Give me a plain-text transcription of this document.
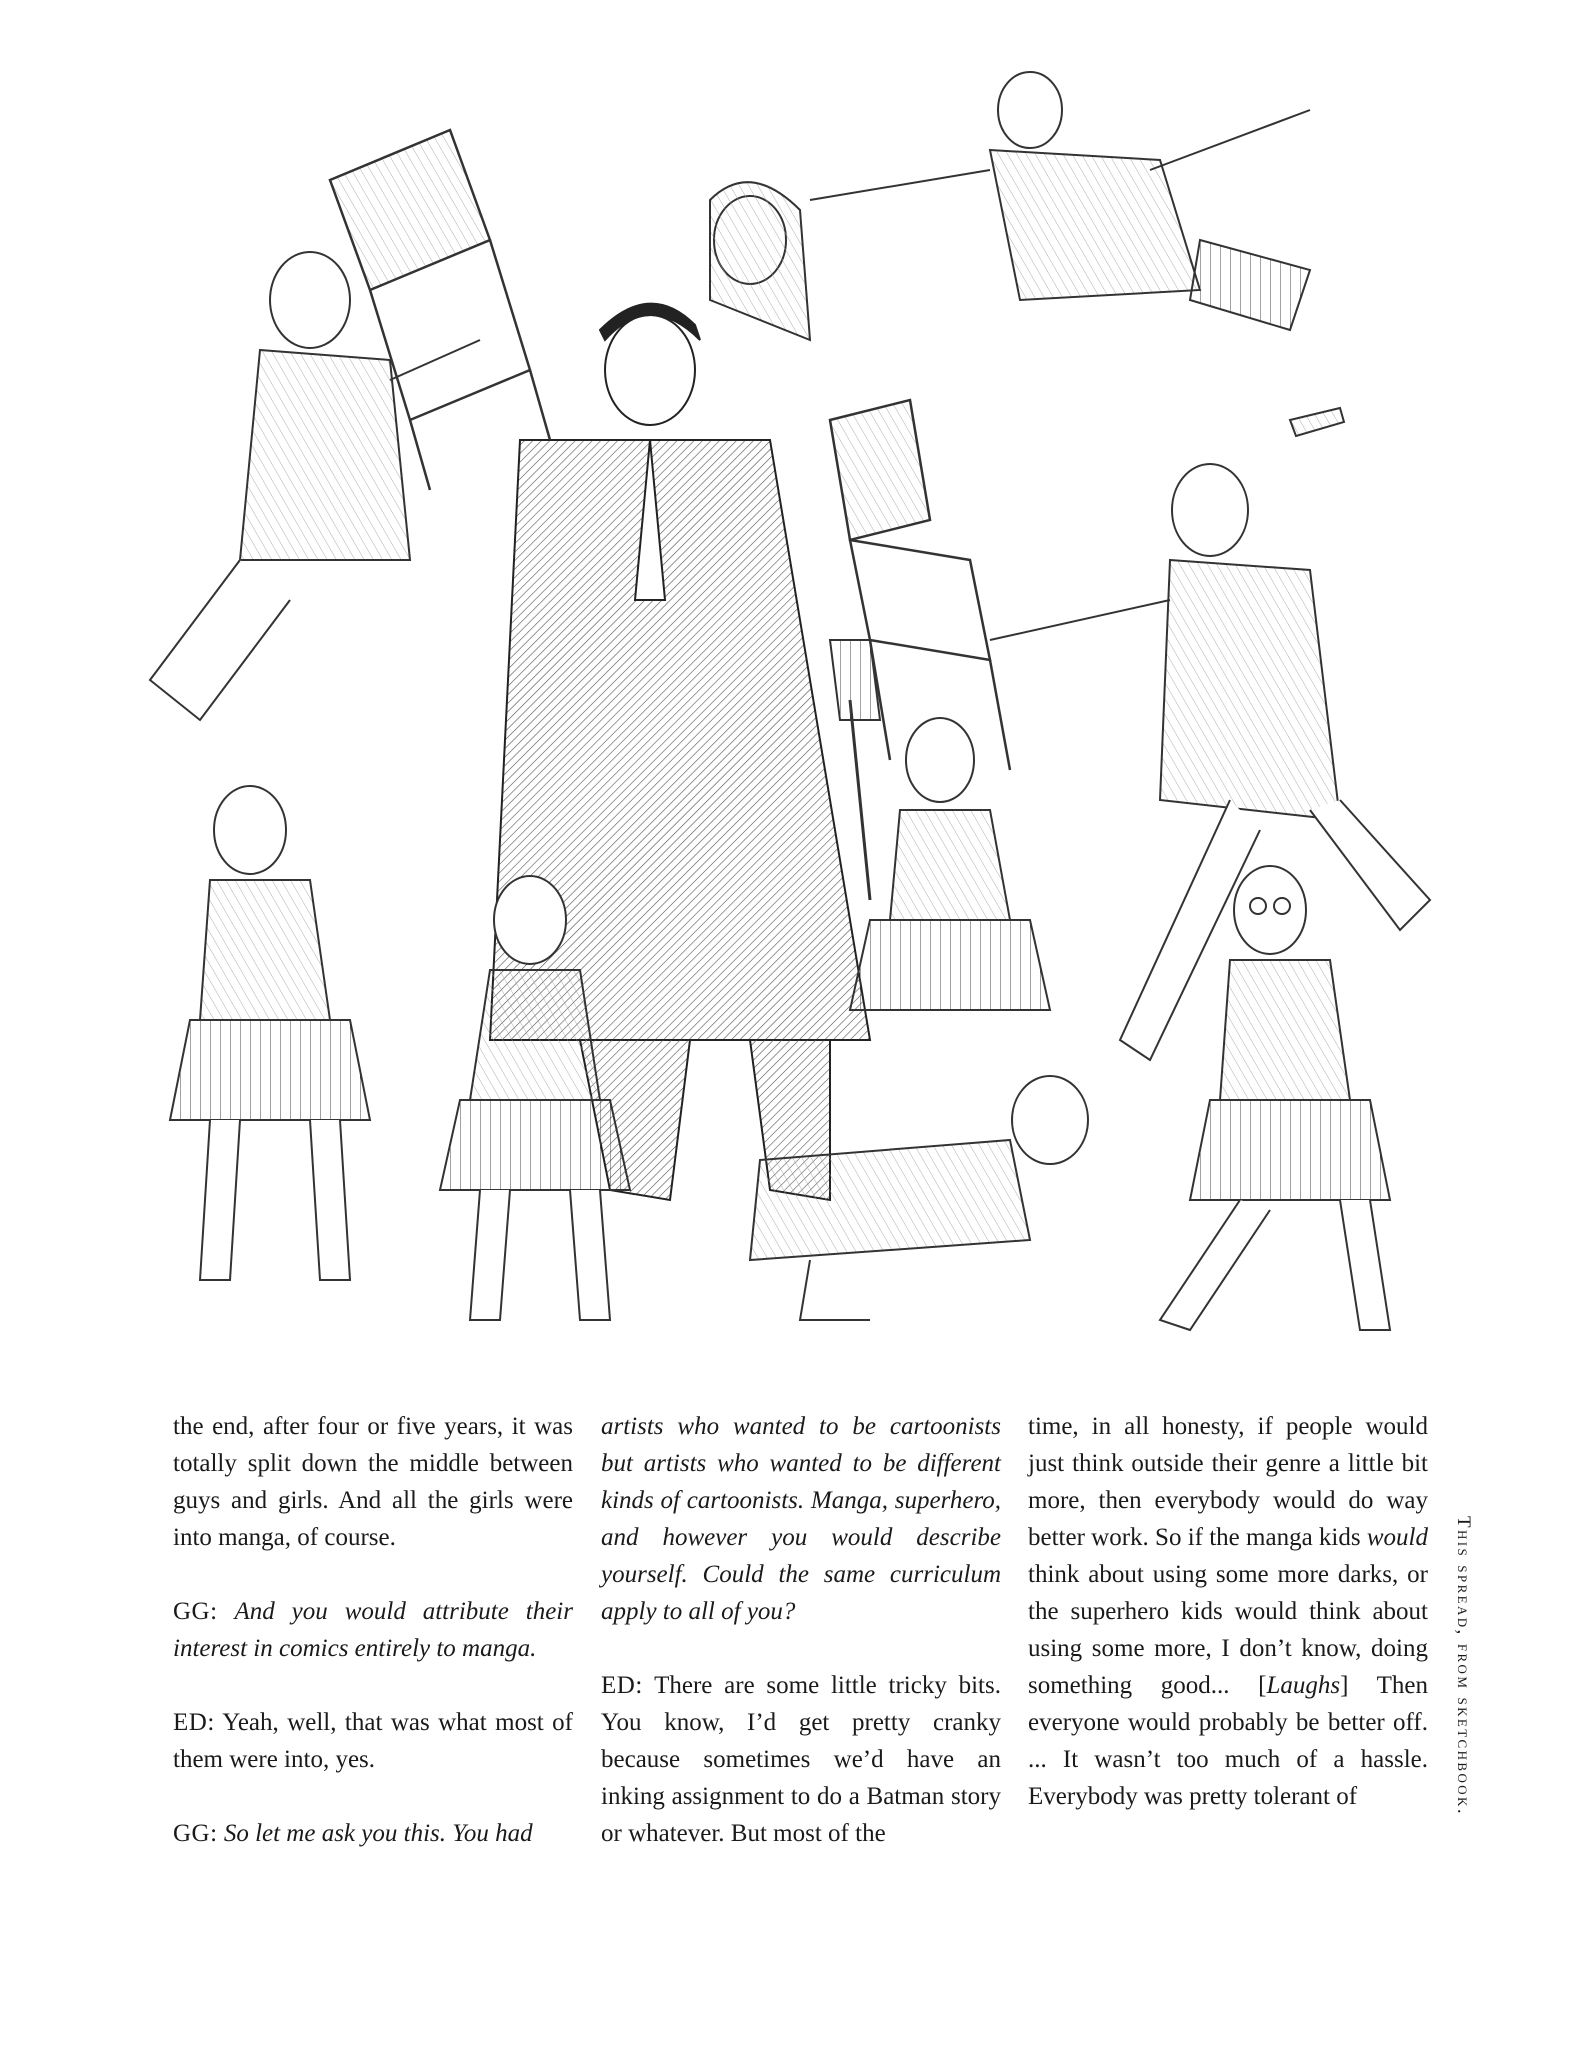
the end, after four or five years, it was totally split down the middle between guys and girls. And all the girls were into manga, of course.

GG: And you would attribute their interest in comics entirely to manga.

ED: Yeah, well, that was what most of them were into, yes.

GG: So let me ask you this. You had

artists who wanted to be cartoonists but artists who wanted to be different kinds of cartoonists. Manga, superhero, and however you would describe yourself. Could the same curriculum apply to all of you?

ED: There are some little tricky bits. You know, I’d get pretty cranky because sometimes we’d have an inking assignment to do a Batman story or whatever. But most of the

time, in all honesty, if people would just think outside their genre a little bit more, then everybody would do way better work. So if the manga kids would think about using some more darks, or the superhero kids would think about using some more, I don’t know, doing something good... [Laughs] Then everyone would probably be better off. ... It wasn’t too much of a hassle. Everybody was pretty tolerant of	This spread, from sketchbook.
